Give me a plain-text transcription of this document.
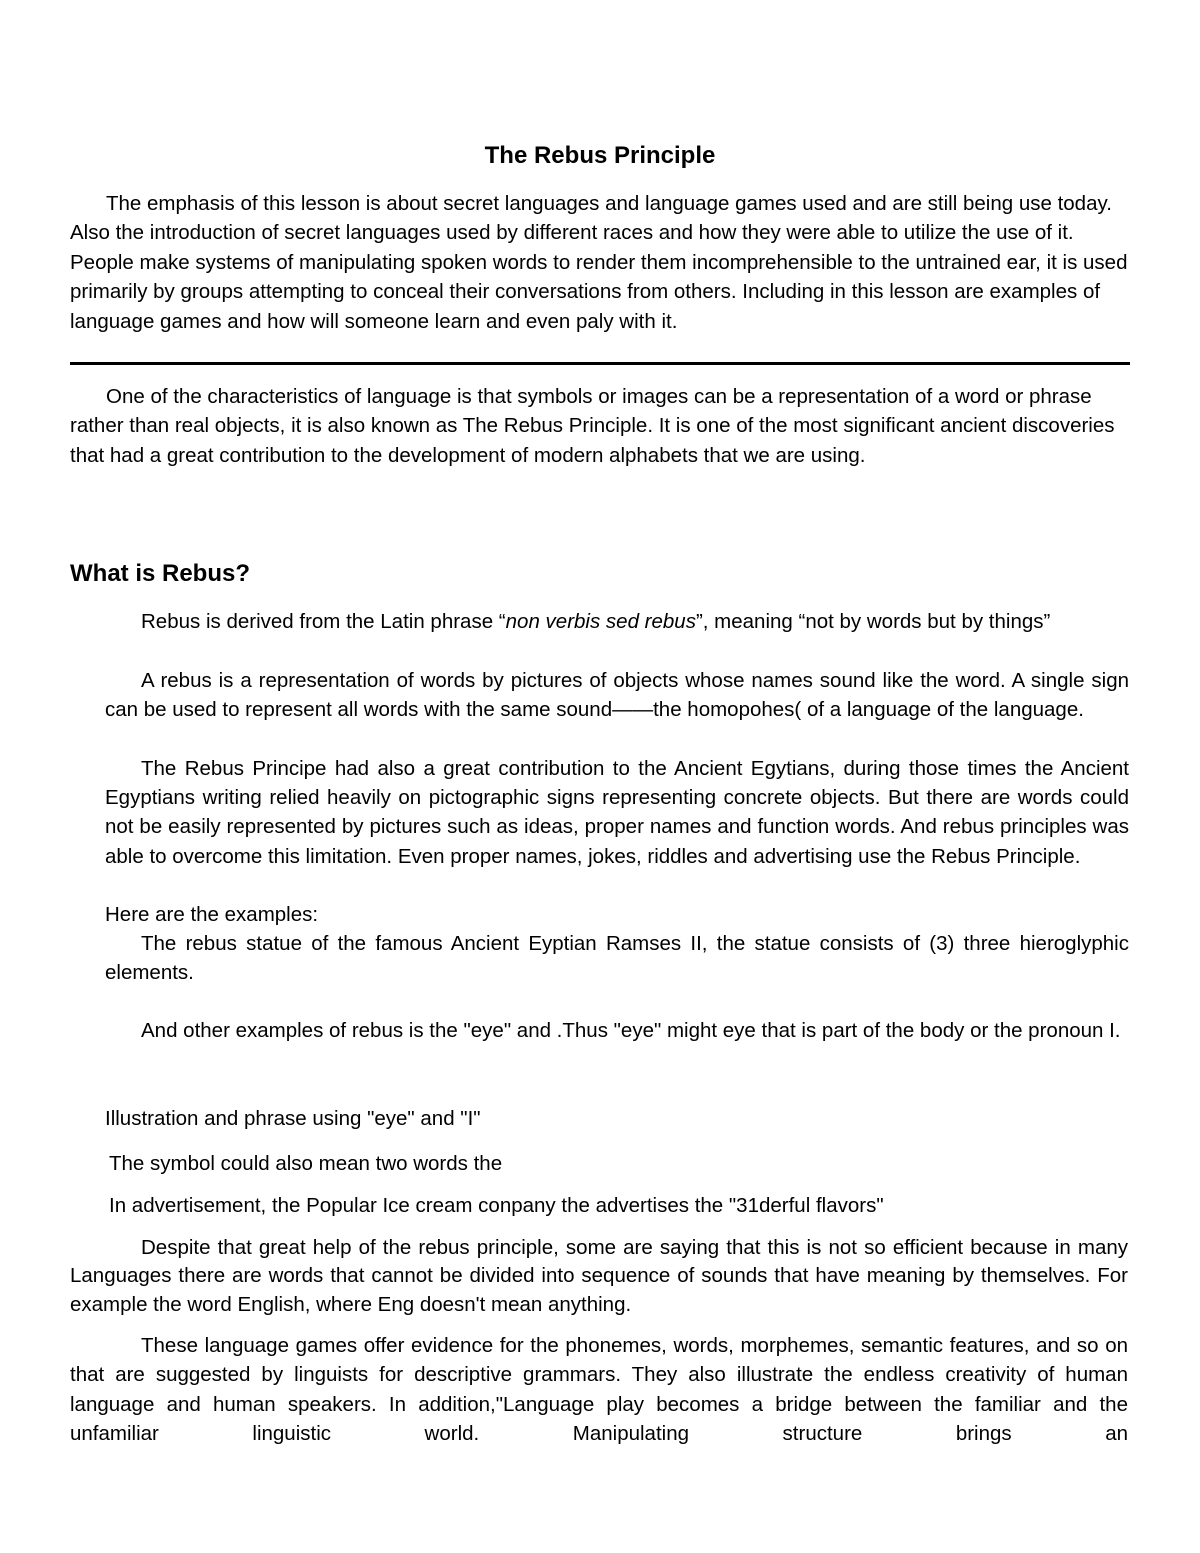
The Rebus Principle

The emphasis of this lesson is about secret languages and language games used and are still being use today. Also the introduction of secret languages used by different races and how they were able to utilize the use of it. People make systems of manipulating spoken words to render them incomprehensible to the untrained ear, it is used primarily by groups attempting to conceal their conversations from others. Including in this lesson are examples of language games and how will someone learn and even paly with it.

One of the characteristics of language is that symbols or images can be a representation of a word or phrase rather than real objects, it is also known as The Rebus Principle. It is one of the most significant ancient discoveries that had a great contribution to the development of modern alphabets that we are using.

What is Rebus?

Rebus is derived from the Latin phrase “non verbis sed rebus”, meaning “not by words but by things”

A rebus is a representation of words by pictures of objects whose names sound like the word. A single sign can be used to represent all words with the same sound——the homopohes( of a language of the language.

The Rebus Principe had also a great contribution to the Ancient Egytians, during those times the Ancient Egyptians writing relied heavily on pictographic signs representing concrete objects. But there are words could not be easily represented by pictures such as ideas, proper names and function words. And rebus principles was able to overcome this limitation. Even proper names, jokes, riddles and advertising use the Rebus Principle.

Here are the examples:

The rebus statue of the famous Ancient Eyptian Ramses II, the statue consists of (3) three hieroglyphic elements.

And other examples of rebus is the "eye" and .Thus "eye" might eye that is part of the body or the pronoun I.

Illustration and phrase using "eye" and "I"

The symbol could also mean two words the

In advertisement, the Popular Ice cream conpany the advertises the "31derful flavors"

Despite that great help of the rebus principle, some are saying that this is not so efficient because in many Languages there are words that cannot be divided into sequence of sounds that have meaning by themselves. For example the word English, where Eng doesn't mean anything.

These language games offer evidence for the phonemes, words, morphemes, semantic features, and so on that are suggested by linguists for descriptive grammars. They also illustrate the endless creativity of human language and human speakers. In addition,"Language play becomes a bridge between the familiar and the unfamiliar linguistic world. Manipulating structure brings an
